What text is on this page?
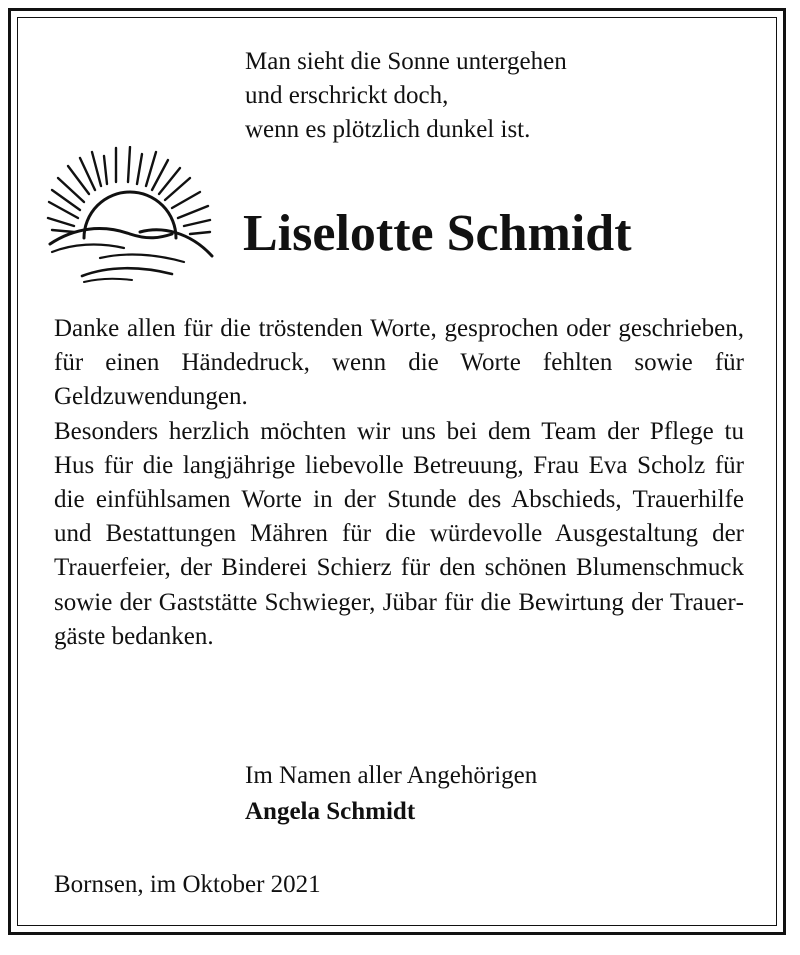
Man sieht die Sonne untergehen
und erschrickt doch,
wenn es plötzlich dunkel ist.
Liselotte Schmidt

Danke allen für die tröstenden Worte, gesprochen oder geschrieben, für einen Händedruck, wenn die Worte fehlten sowie für Geldzuwendungen.

Besonders herzlich möchten wir uns bei dem Team der Pflege tu Hus für die langjährige liebevolle Betreuung, Frau Eva Scholz für die einfühlsamen Worte in der Stunde des Abschieds, Trauerhilfe und Bestattungen Mähren für die würdevolle Ausgestaltung der Trauerfeier, der Binderei Schierz für den schönen Blumenschmuck sowie der Gaststätte Schwieger, Jübar für die Bewirtung der Trauergäste bedanken.

Im Namen aller Angehörigen
Angela Schmidt
Bornsen, im Oktober 2021
